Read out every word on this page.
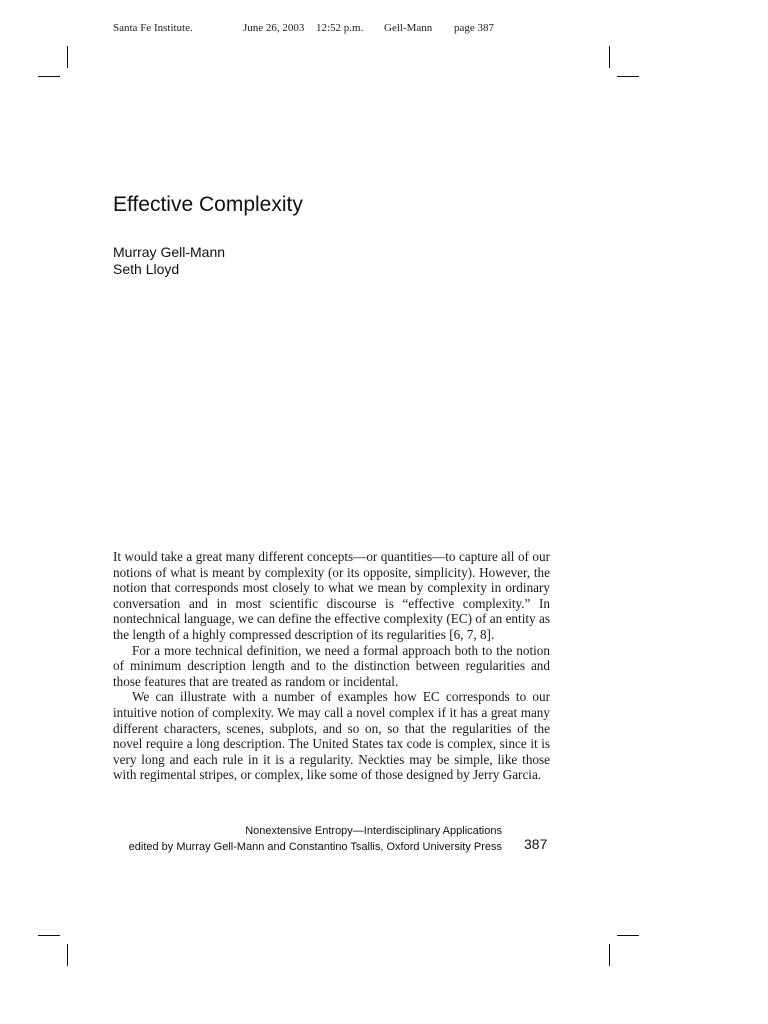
Santa Fe Institute.	June 26, 2003 12:52 p.m. Gell-Mann page 387
Effective Complexity
Murray Gell-Mann
Seth Lloyd

It would take a great many different concepts—or quantities—to capture all of our notions of what is meant by complexity (or its opposite, simplicity). However, the notion that corresponds most closely to what we mean by complexity in ordinary conversation and in most scientific discourse is “effective complexity.” In nontechnical language, we can define the effective complexity (EC) of an entity as the length of a highly compressed description of its regularities [6, 7, 8].

For a more technical definition, we need a formal approach both to the notion of minimum description length and to the distinction between regularities and those features that are treated as random or incidental.

We can illustrate with a number of examples how EC corresponds to our intuitive notion of complexity. We may call a novel complex if it has a great many different characters, scenes, subplots, and so on, so that the regularities of the novel require a long description. The United States tax code is complex, since it is very long and each rule in it is a regularity. Neckties may be simple, like those with regimental stripes, or complex, like some of those designed by Jerry Garcia.

Nonextensive Entropy—Interdisciplinary Applications
edited by Murray Gell-Mann and Constantino Tsallis, Oxford University Press 387
